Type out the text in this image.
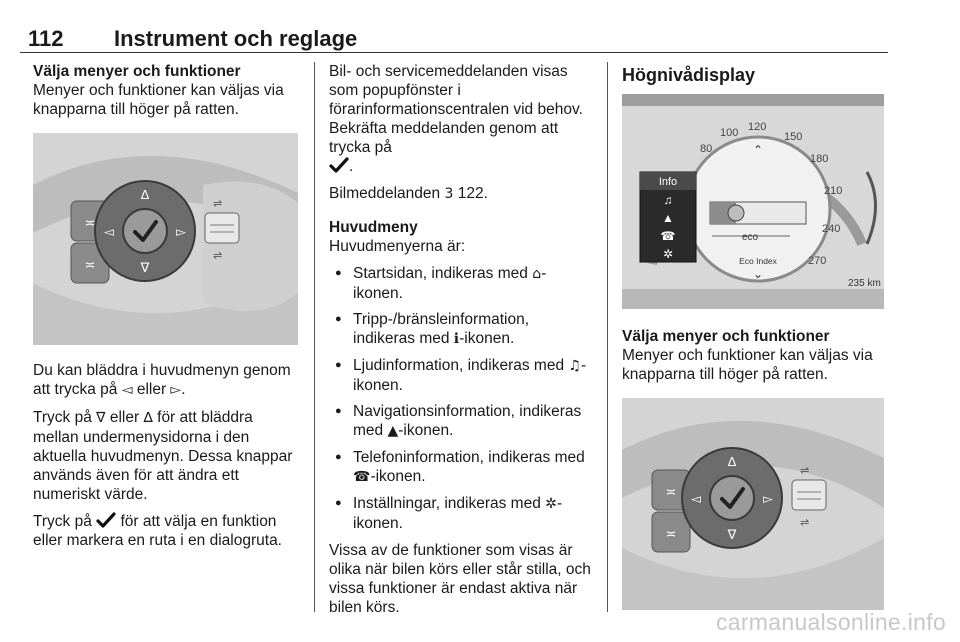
112 Instrument och reglage
Välja menyer och funktioner

Menyer och funktioner kan väljas via knapparna till höger på ratten.

≍
≍
∆
∇
◅	▻
⇌
⇌

Du kan bläddra i huvudmenyn genom att trycka på ◅ eller ▻.

Tryck på ∇ eller ∆ för att bläddra mellan undermenysidorna i den aktuella huvudmenyn. Dessa knappar används även för att ändra ett numeriskt värde.

Tryck på  för att välja en funktion eller markera en ruta i en dialogruta.

Bil- och servicemeddelanden visas som popupfönster i förarinformationscentralen vid behov. Bekräfta meddelanden genom att trycka på
.

Bilmeddelanden 3 122.

Huvudmeny

Huvudmenyerna är:

● Startsidan, indikeras med ⌂-ikonen.
● Tripp-/bränsleinformation, indikeras med ℹ-ikonen.
● Ljudinformation, indikeras med ♫-ikonen.
● Navigationsinformation, indikeras med ▲-ikonen.
● Telefoninformation, indikeras med ☎-ikonen.
● Inställningar, indikeras med ✲-ikonen.

Vissa av de funktioner som visas är olika när bilen körs eller står stilla, och vissa funktioner är endast aktiva när bilen körs.

Högnivådisplay
80
100 120
150
180
210
240
270
⌃
eco
Eco Index
⌄
Info
♫
▲
☎
✲
235 km
Välja menyer och funktioner

Menyer och funktioner kan väljas via knapparna till höger på ratten.

≍
≍
∆
∇
◅	▻
⇌
⇌
carmanualsonline.info
